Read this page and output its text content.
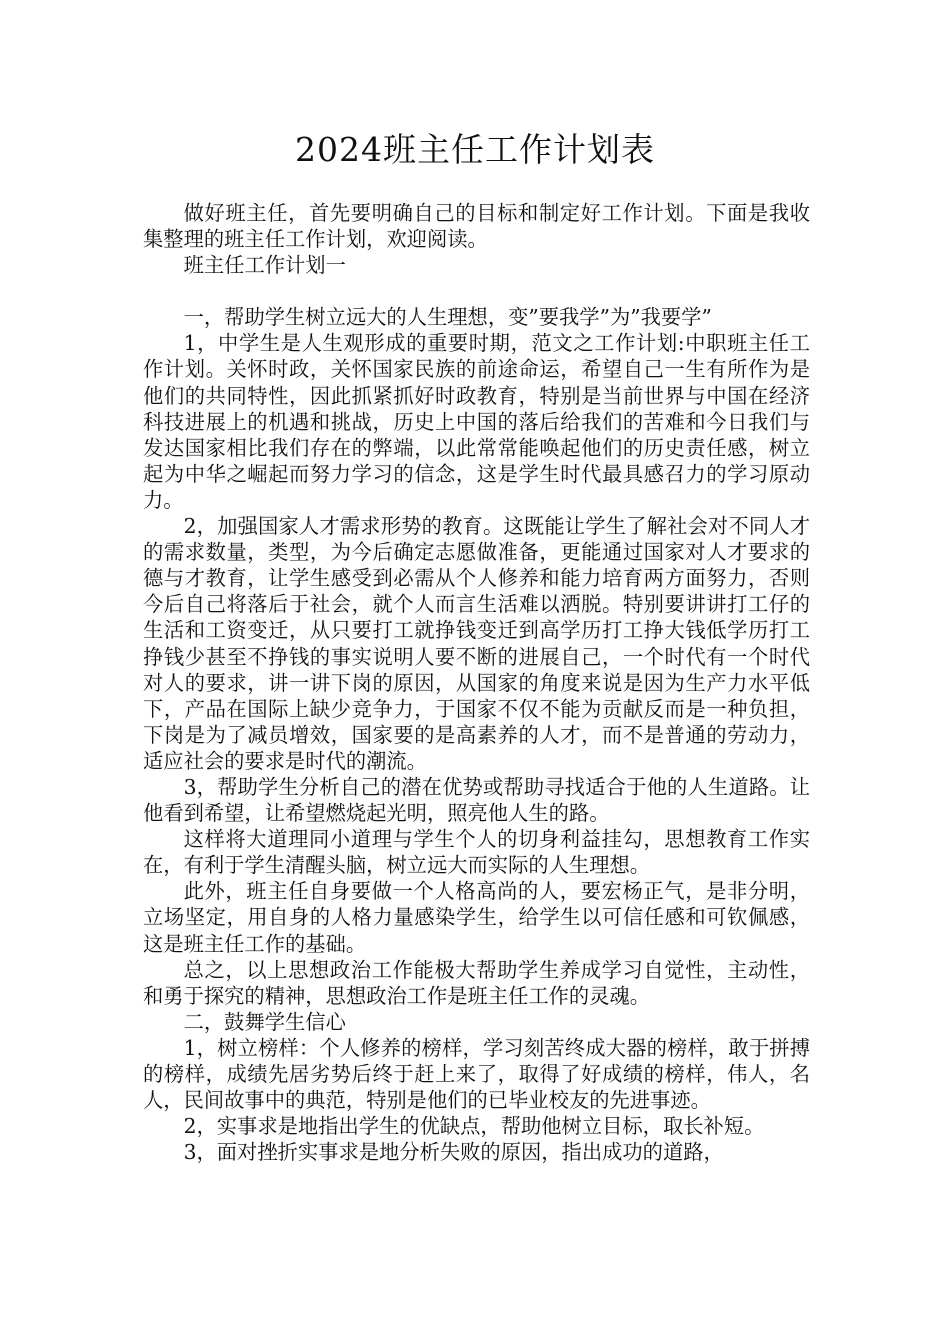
2024班主任工作计划表

做好班主任，首先要明确自己的目标和制定好工作计划。下面是我收集整理的班主任工作计划，欢迎阅读。

班主任工作计划一

一，帮助学生树立远大的人生理想，变”要我学”为”我要学”

1，中学生是人生观形成的重要时期，范文之工作计划:中职班主任工作计划。关怀时政，关怀国家民族的前途命运，希望自己一生有所作为是他们的共同特性，因此抓紧抓好时政教育，特别是当前世界与中国在经济科技进展上的机遇和挑战，历史上中国的落后给我们的苦难和今日我们与发达国家相比我们存在的弊端，以此常常能唤起他们的历史责任感，树立起为中华之崛起而努力学习的信念，这是学生时代最具感召力的学习原动力。

2，加强国家人才需求形势的教育。这既能让学生了解社会对不同人才的需求数量，类型，为今后确定志愿做准备，更能通过国家对人才要求的德与才教育，让学生感受到必需从个人修养和能力培育两方面努力，否则今后自己将落后于社会，就个人而言生活难以洒脱。特别要讲讲打工仔的生活和工资变迁，从只要打工就挣钱变迁到高学历打工挣大钱低学历打工挣钱少甚至不挣钱的事实说明人要不断的进展自己，一个时代有一个时代对人的要求，讲一讲下岗的原因，从国家的角度来说是因为生产力水平低下，产品在国际上缺少竞争力，于国家不仅不能为贡献反而是一种负担，下岗是为了减员增效，国家要的是高素养的人才，而不是普通的劳动力，适应社会的要求是时代的潮流。

3，帮助学生分析自己的潜在优势或帮助寻找适合于他的人生道路。让他看到希望，让希望燃烧起光明，照亮他人生的路。

这样将大道理同小道理与学生个人的切身利益挂勾，思想教育工作实在，有利于学生清醒头脑，树立远大而实际的人生理想。

此外，班主任自身要做一个人格高尚的人，要宏杨正气，是非分明，立场坚定，用自身的人格力量感染学生，给学生以可信任感和可钦佩感，这是班主任工作的基础。

总之，以上思想政治工作能极大帮助学生养成学习自觉性，主动性，和勇于探究的精神，思想政治工作是班主任工作的灵魂。

二，鼓舞学生信心

1，树立榜样：个人修养的榜样，学习刻苦终成大器的榜样，敢于拼搏的榜样，成绩先居劣势后终于赶上来了，取得了好成绩的榜样，伟人，名人，民间故事中的典范，特别是他们的已毕业校友的先进事迹。

2，实事求是地指出学生的优缺点，帮助他树立目标，取长补短。

3，面对挫折实事求是地分析失败的原因，指出成功的道路，
